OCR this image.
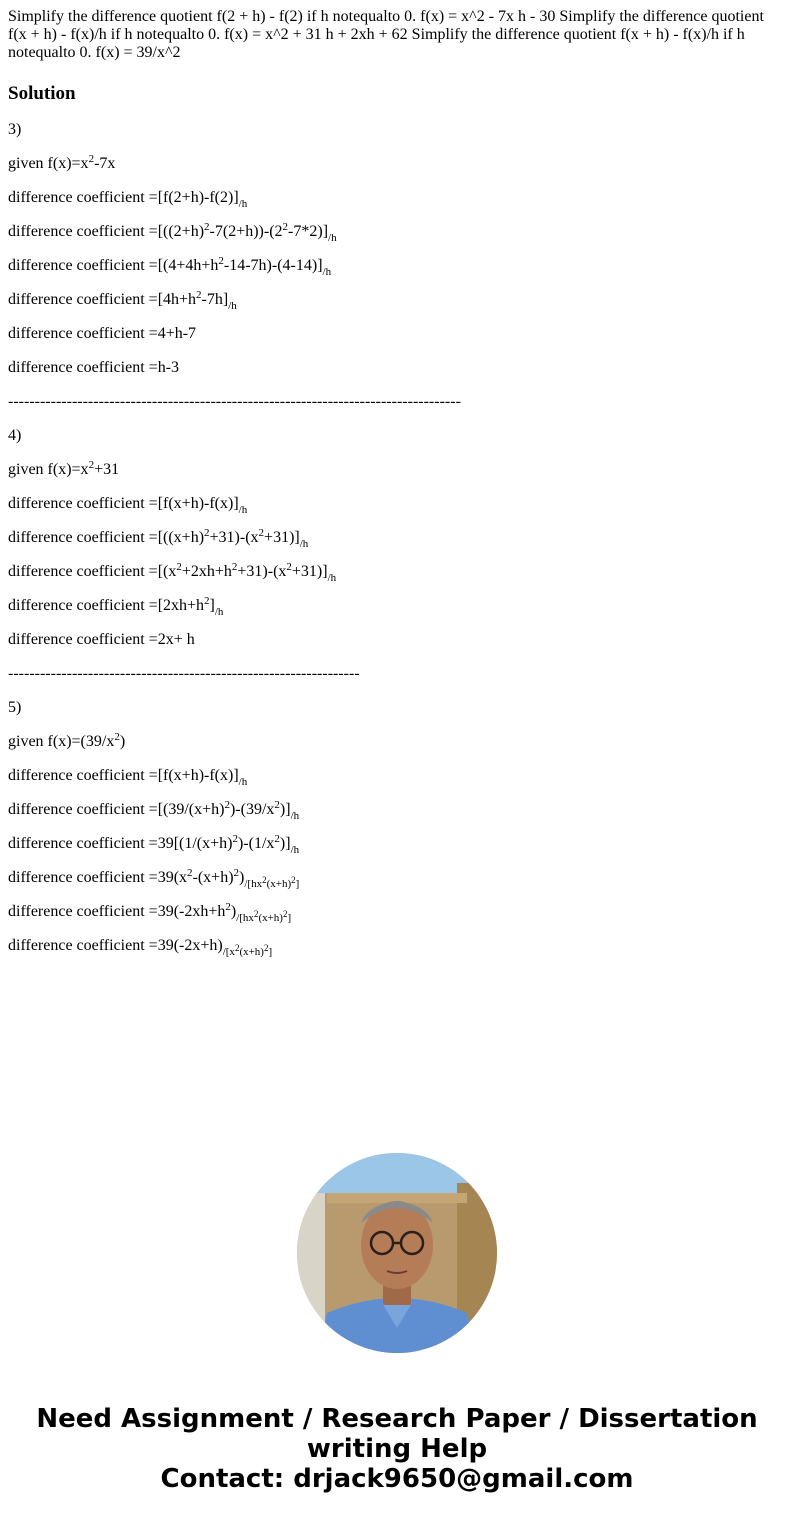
Simplify the difference quotient f(2 + h) - f(2) if h notequalto 0. f(x) = x^2 - 7x h - 30 Simplify the difference quotient f(x + h) - f(x)/h if h notequalto 0. f(x) = x^2 + 31 h + 2xh + 62 Simplify the difference quotient f(x + h) - f(x)/h if h notequalto 0. f(x) = 39/x^2
Solution

3)

given $f(x)=x^2-7x$

difference coefficient $=[f(2+h)-f(2)]_{/h}$

difference coefficient $=[((2+h)^2-7(2+h))-(2^2-7*2)]_{/h}$

difference coefficient $=[(4+4h+h^2-14-7h)-(4-14)]_{/h}$

difference coefficient $=[4h+h^2-7h]_{/h}$

difference coefficient =4+h-7

difference coefficient =h-3

-------------------------------------------------------------------------------------

4)

given $f(x)=x^2+31$

difference coefficient $=[f(x+h)-f(x)]_{/h}$

difference coefficient $=[((x+h)^2+31)-(x^2+31)]_{/h}$

difference coefficient $=[(x^2+2xh+h^2+31)-(x^2+31)]_{/h}$

difference coefficient $=[2xh+h^2]_{/h}$

difference coefficient =2x+ h

------------------------------------------------------------------

5)

given $f(x)=(39/x^2)$

difference coefficient $=[f(x+h)-f(x)]_{/h}$

difference coefficient $=[(39/(x+h)^2)-(39/x^2)]_{/h}$

difference coefficient $=39[(1/(x+h)^2)-(1/x^2)]_{/h}$

difference coefficient $=39(x^2-(x+h)^2)_{/[hx^2(x+h)^2]}$

difference coefficient $=39(-2xh+h^2)_{/[hx^2(x+h)^2]}$

difference coefficient $=39(-2x+h)_{/[x^2(x+h)^2]}$

Need Assignment / Research Paper / Dissertation
writing Help
Contact: drjack9650@gmail.com
